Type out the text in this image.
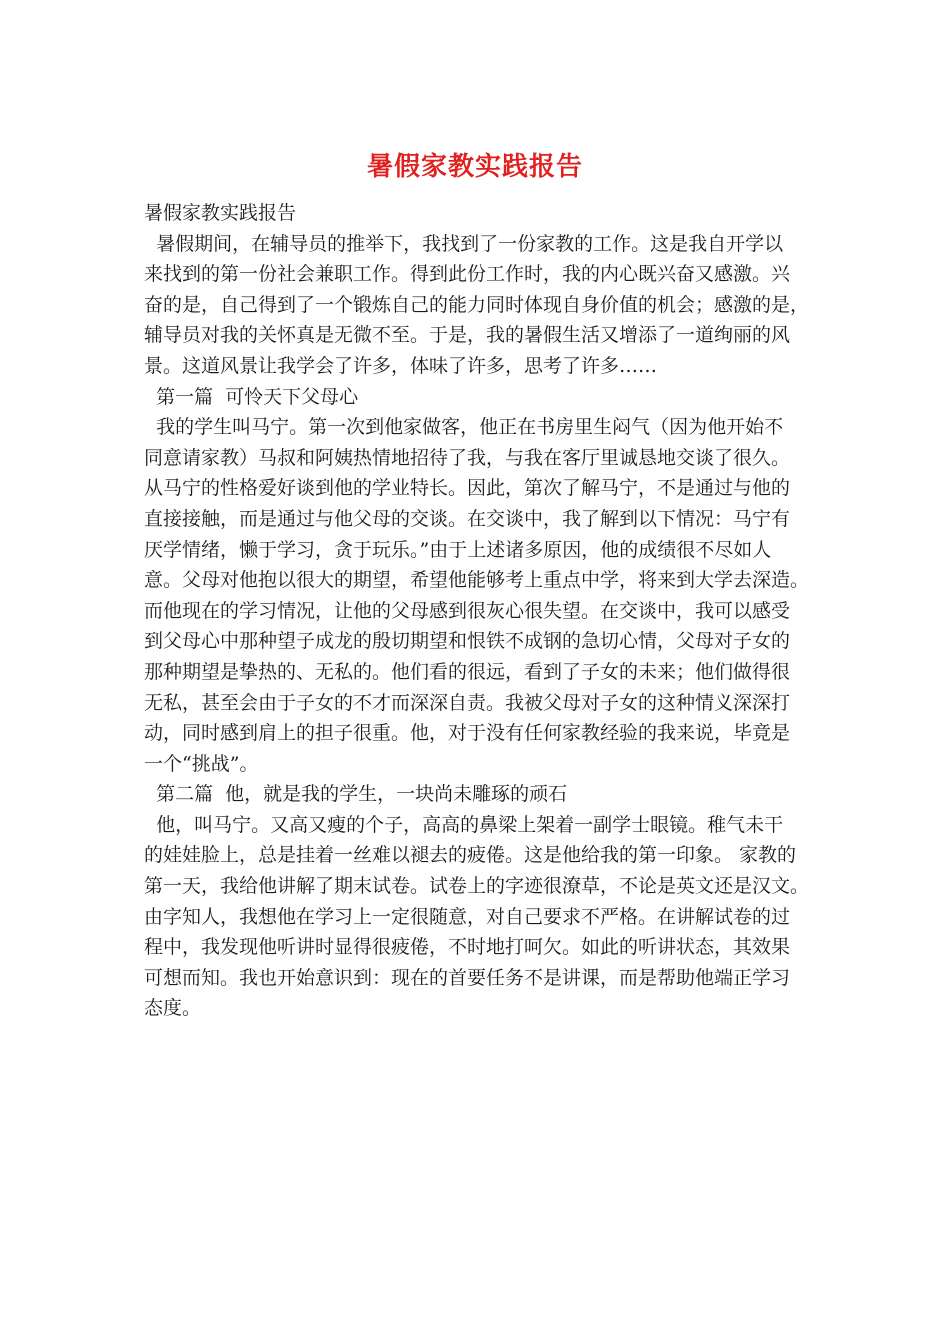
暑假家教实践报告
暑假家教实践报告
暑假期间，在辅导员的推举下，我找到了一份家教的工作。这是我自开学以
来找到的第一份社会兼职工作。得到此份工作时，我的内心既兴奋又感激。兴
奋的是，自己得到了一个锻炼自己的能力同时体现自身价值的机会；感激的是，
辅导员对我的关怀真是无微不至。于是，我的暑假生活又增添了一道绚丽的风
景。这道风景让我学会了许多，体味了许多，思考了许多……
第一篇  可怜天下父母心
我的学生叫马宁。第一次到他家做客，他正在书房里生闷气（因为他开始不
同意请家教）马叔和阿姨热情地招待了我，与我在客厅里诚恳地交谈了很久。
从马宁的性格爱好谈到他的学业特长。因此，第次了解马宁，不是通过与他的
直接接触，而是通过与他父母的交谈。在交谈中，我了解到以下情况：马宁有
厌学情绪，懒于学习，贪于玩乐。”由于上述诸多原因，他的成绩很不尽如人
意。父母对他抱以很大的期望，希望他能够考上重点中学，将来到大学去深造。
而他现在的学习情况，让他的父母感到很灰心很失望。在交谈中，我可以感受
到父母心中那种望子成龙的殷切期望和恨铁不成钢的急切心情，父母对子女的
那种期望是挚热的、无私的。他们看的很远，看到了子女的未来；他们做得很
无私，甚至会由于子女的不才而深深自责。我被父母对子女的这种情义深深打
动，同时感到肩上的担子很重。他，对于没有任何家教经验的我来说，毕竟是
一个“挑战”。
第二篇  他，就是我的学生，一块尚未雕琢的顽石
他，叫马宁。又高又瘦的个子，高高的鼻梁上架着一副学士眼镜。稚气未干
的娃娃脸上，总是挂着一丝难以褪去的疲倦。这是他给我的第一印象。 家教的
第一天，我给他讲解了期末试卷。试卷上的字迹很潦草，不论是英文还是汉文。
由字知人，我想他在学习上一定很随意，对自己要求不严格。在讲解试卷的过
程中，我发现他听讲时显得很疲倦，不时地打呵欠。如此的听讲状态，其效果
可想而知。我也开始意识到：现在的首要任务不是讲课，而是帮助他端正学习
态度。
